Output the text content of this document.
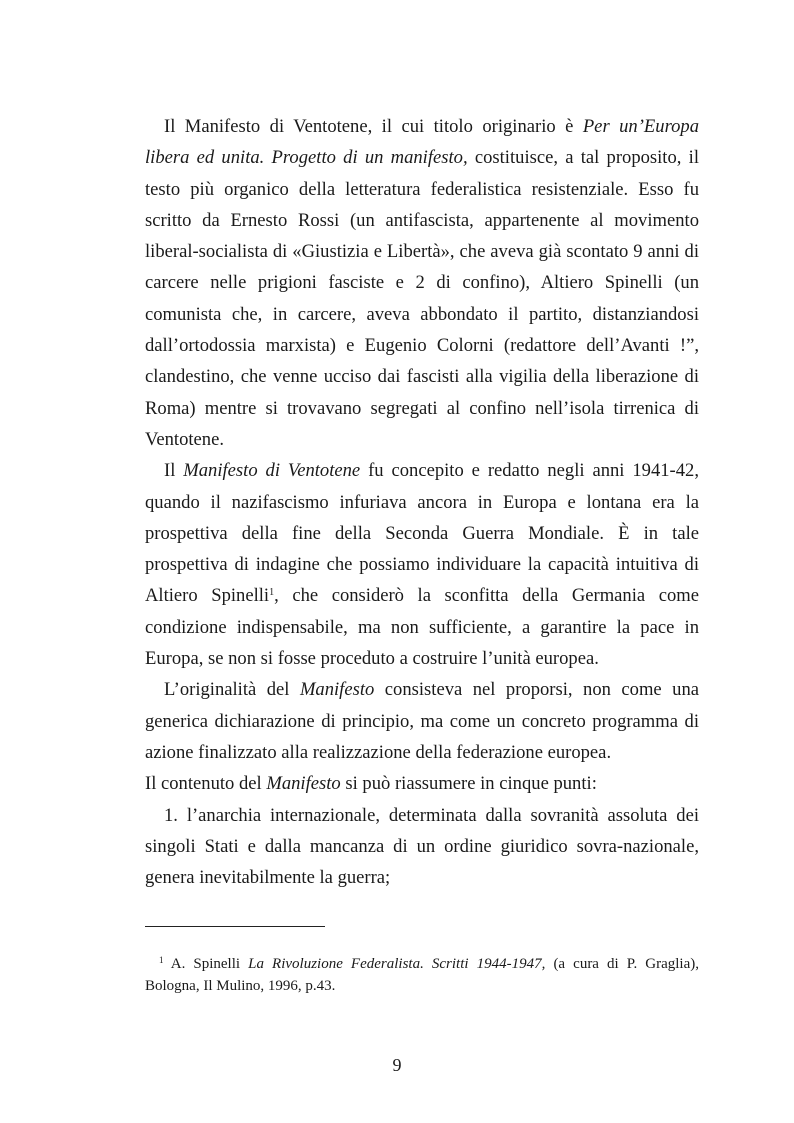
Il Manifesto di Ventotene, il cui titolo originario è Per un’Europa libera ed unita. Progetto di un manifesto, costituisce, a tal proposito, il testo più organico della letteratura federalistica resistenziale. Esso fu scritto da Ernesto Rossi (un antifascista, appartenente al movimento liberal-socialista di «Giustizia e Libertà», che aveva già scontato 9 anni di carcere nelle prigioni fasciste e 2 di confino), Altiero Spinelli (un comunista che, in carcere, aveva abbondato il partito, distanziandosi dall’ortodossia marxista) e Eugenio Colorni (redattore dell’Avanti !”, clandestino, che venne ucciso dai fascisti alla vigilia della liberazione di Roma) mentre si trovavano segregati al confino nell’isola tirrenica di Ventotene.

Il Manifesto di Ventotene fu concepito e redatto negli anni 1941-42, quando il nazifascismo infuriava ancora in Europa e lontana era la prospettiva della fine della Seconda Guerra Mondiale. È in tale prospettiva di indagine che possiamo individuare la capacità intuitiva di Altiero Spinelli$^1$, che considerò la sconfitta della Germania come condizione indispensabile, ma non sufficiente, a garantire la pace in Europa, se non si fosse proceduto a costruire l’unità europea.

L’originalità del Manifesto consisteva nel proporsi, non come una generica dichiarazione di principio, ma come un concreto programma di azione finalizzato alla realizzazione della federazione europea.

Il contenuto del Manifesto si può riassumere in cinque punti:

1. l’anarchia internazionale, determinata dalla sovranità assoluta dei singoli Stati e dalla mancanza di un ordine giuridico sovra-nazionale, genera inevitabilmente la guerra;

$^1$ A. Spinelli La Rivoluzione Federalista. Scritti 1944-1947, (a cura di P. Graglia), Bologna, Il Mulino, 1996, p.43.

9
